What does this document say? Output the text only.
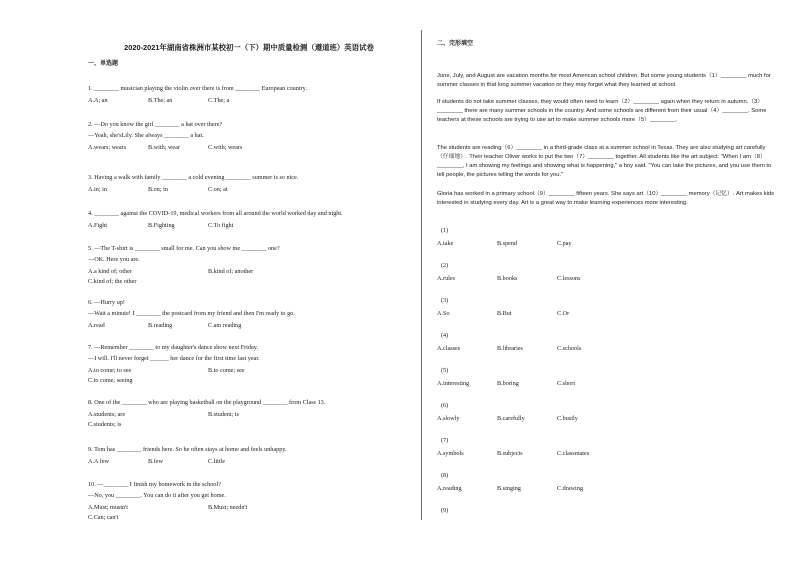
2020-2021年湖南省株洲市某校初一（下）期中质量检测（遵道班）英语试卷
一、单选题
1. ________ musician playing the violin over there is from ________ European country.
A.A; an	B.The; an	C.The; a
2. —Do you know the girl ________ a hat over there?
—Yeah, she'sLily. She always ________ a hat.
A.wears; wears	B.with; wear	C.with; wears
3. Having a walk with family ________ a cold evening ________ summer is so nice.
A.in; in	B.on; in	C.on; at
4. ________ against the COVID-19, medical workers from all around the world worked day and night.
A.Fight	B.Fighting	C.To fight
5. —The T-shirt is ________ small for me. Can you show me ________ one?
—OK. Here you are.
A.a kind of; other	B.kind of; another
C.kind of; the other
6. —Hurry up!
—Wait a minute! I ________ the postcard from my friend and then I'm ready to go.
A.read	B.reading	C.am reading
7. —Remember ________ to my daughter's dance show next Friday.
—I will. I'll never forget ______ her dance for the first time last year.
A.to come; to see	B.to come; see
C.to come; seeing
8. One of the ________ who are playing basketball on the playground ________ from Class 13.
A.students; are	B.student; is
C.students; is
9. Tom has ________ friends here. So he often stays at home and feels unhappy.
A.A few	B.few	C.little
10. —________ I finish my homework in the school?
—No, you ________. You can do it after you get home.
A.Must; mustn't	B.Must; needn't
C.Can; can't
二、完形填空
June, July, and August are vacation months for most American school children. But some young students（1）________ much for summer classes in that long summer vacation or they may forget what they learned at school.
If students do not take summer classes, they would often need to learn（2）________ again when they return in autumn.（3）________ there are many summer schools in the country. And some schools are different from their usual（4）________. Some teachers at these schools are trying to use art to make summer schools more（5）________.
The students are reading（6）________ in a third-grade class at a summer school in Texas. They are also studying art carefully（仔细地）. Their teacher Oliver works to put the two（7）________ together. All students like the art subject. "When I am（8）________, I am showing my feelings and showing what is happening," a boy said. "You can take the pictures, and you use them to tell people, the pictures telling the words for you."
Gloria has worked in a primary school（9）________ fifteen years. She says art（10）________ memory（记忆）. Art makes kids interested in studying every day. Art is a great way to make learning experiences more interesting.
(1)
A.take	B.spend	C.pay
(2)
A.rules	B.books	C.lessons
(3)
A.So	B.But	C.Or
(4)
A.classes	B.libraries	C.schools
(5)
A.interesting	B.boring	C.short
(6)
A.slowly	B.carefully	C.busily
(7)
A.symbols	B.subjects	C.classmates
(8)
A.reading	B.singing	C.drawing
(9)
